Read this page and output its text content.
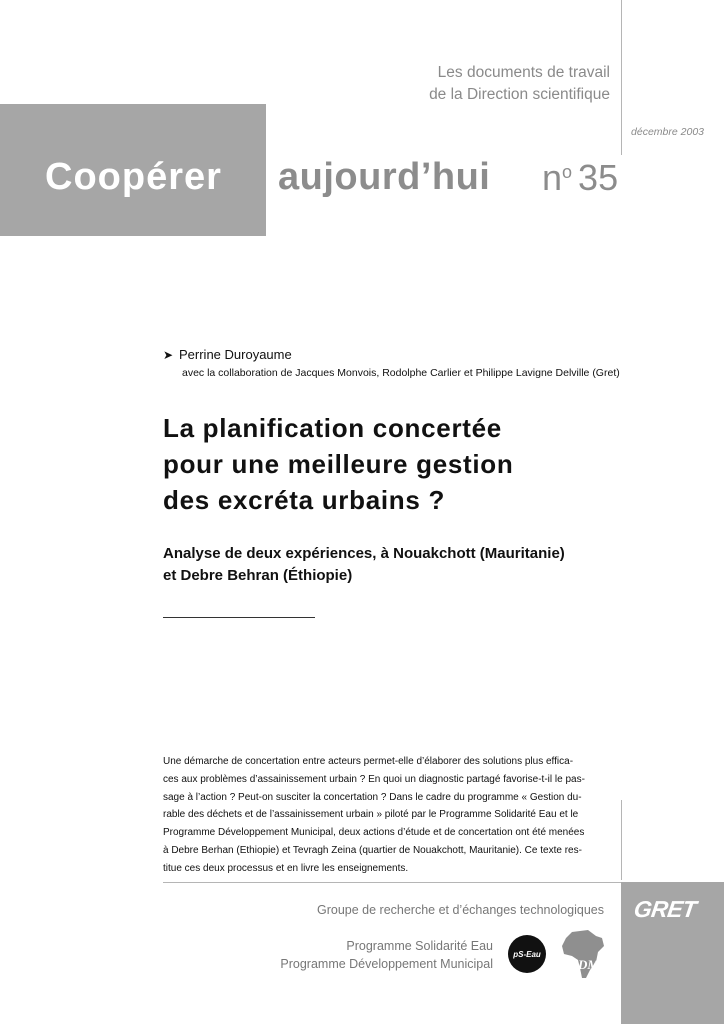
Les documents de travail
de la Direction scientifique
décembre 2003
Coopérer aujourd’hui $n^o$ 35
➤ Perrine Duroyaume
avec la collaboration de Jacques Monvois, Rodolphe Carlier et Philippe Lavigne Delville (Gret)
La planification concertée
pour une meilleure gestion
des excréta urbains ?
Analyse de deux expériences, à Nouakchott (Mauritanie)
et Debre Behran (Éthiopie)
Une démarche de concertation entre acteurs permet-elle d’élaborer des solutions plus effica-
ces aux problèmes d’assainissement urbain ? En quoi un diagnostic partagé favorise-t-il le pas-
sage à l’action ? Peut-on susciter la concertation ? Dans le cadre du programme « Gestion du-
rable des déchets et de l’assainissement urbain » piloté par le Programme Solidarité Eau et le
Programme Développement Municipal, deux actions d’étude et de concertation ont été menées
à Debre Berhan (Ethiopie) et Tevragh Zeina (quartier de Nouakchott, Mauritanie). Ce texte res-
titue ces deux processus et en livre les enseignements.
GRET
Groupe de recherche et d’échanges technologiques
Programme Solidarité Eau
Programme Développement Municipal
pS-Eau
PDM
